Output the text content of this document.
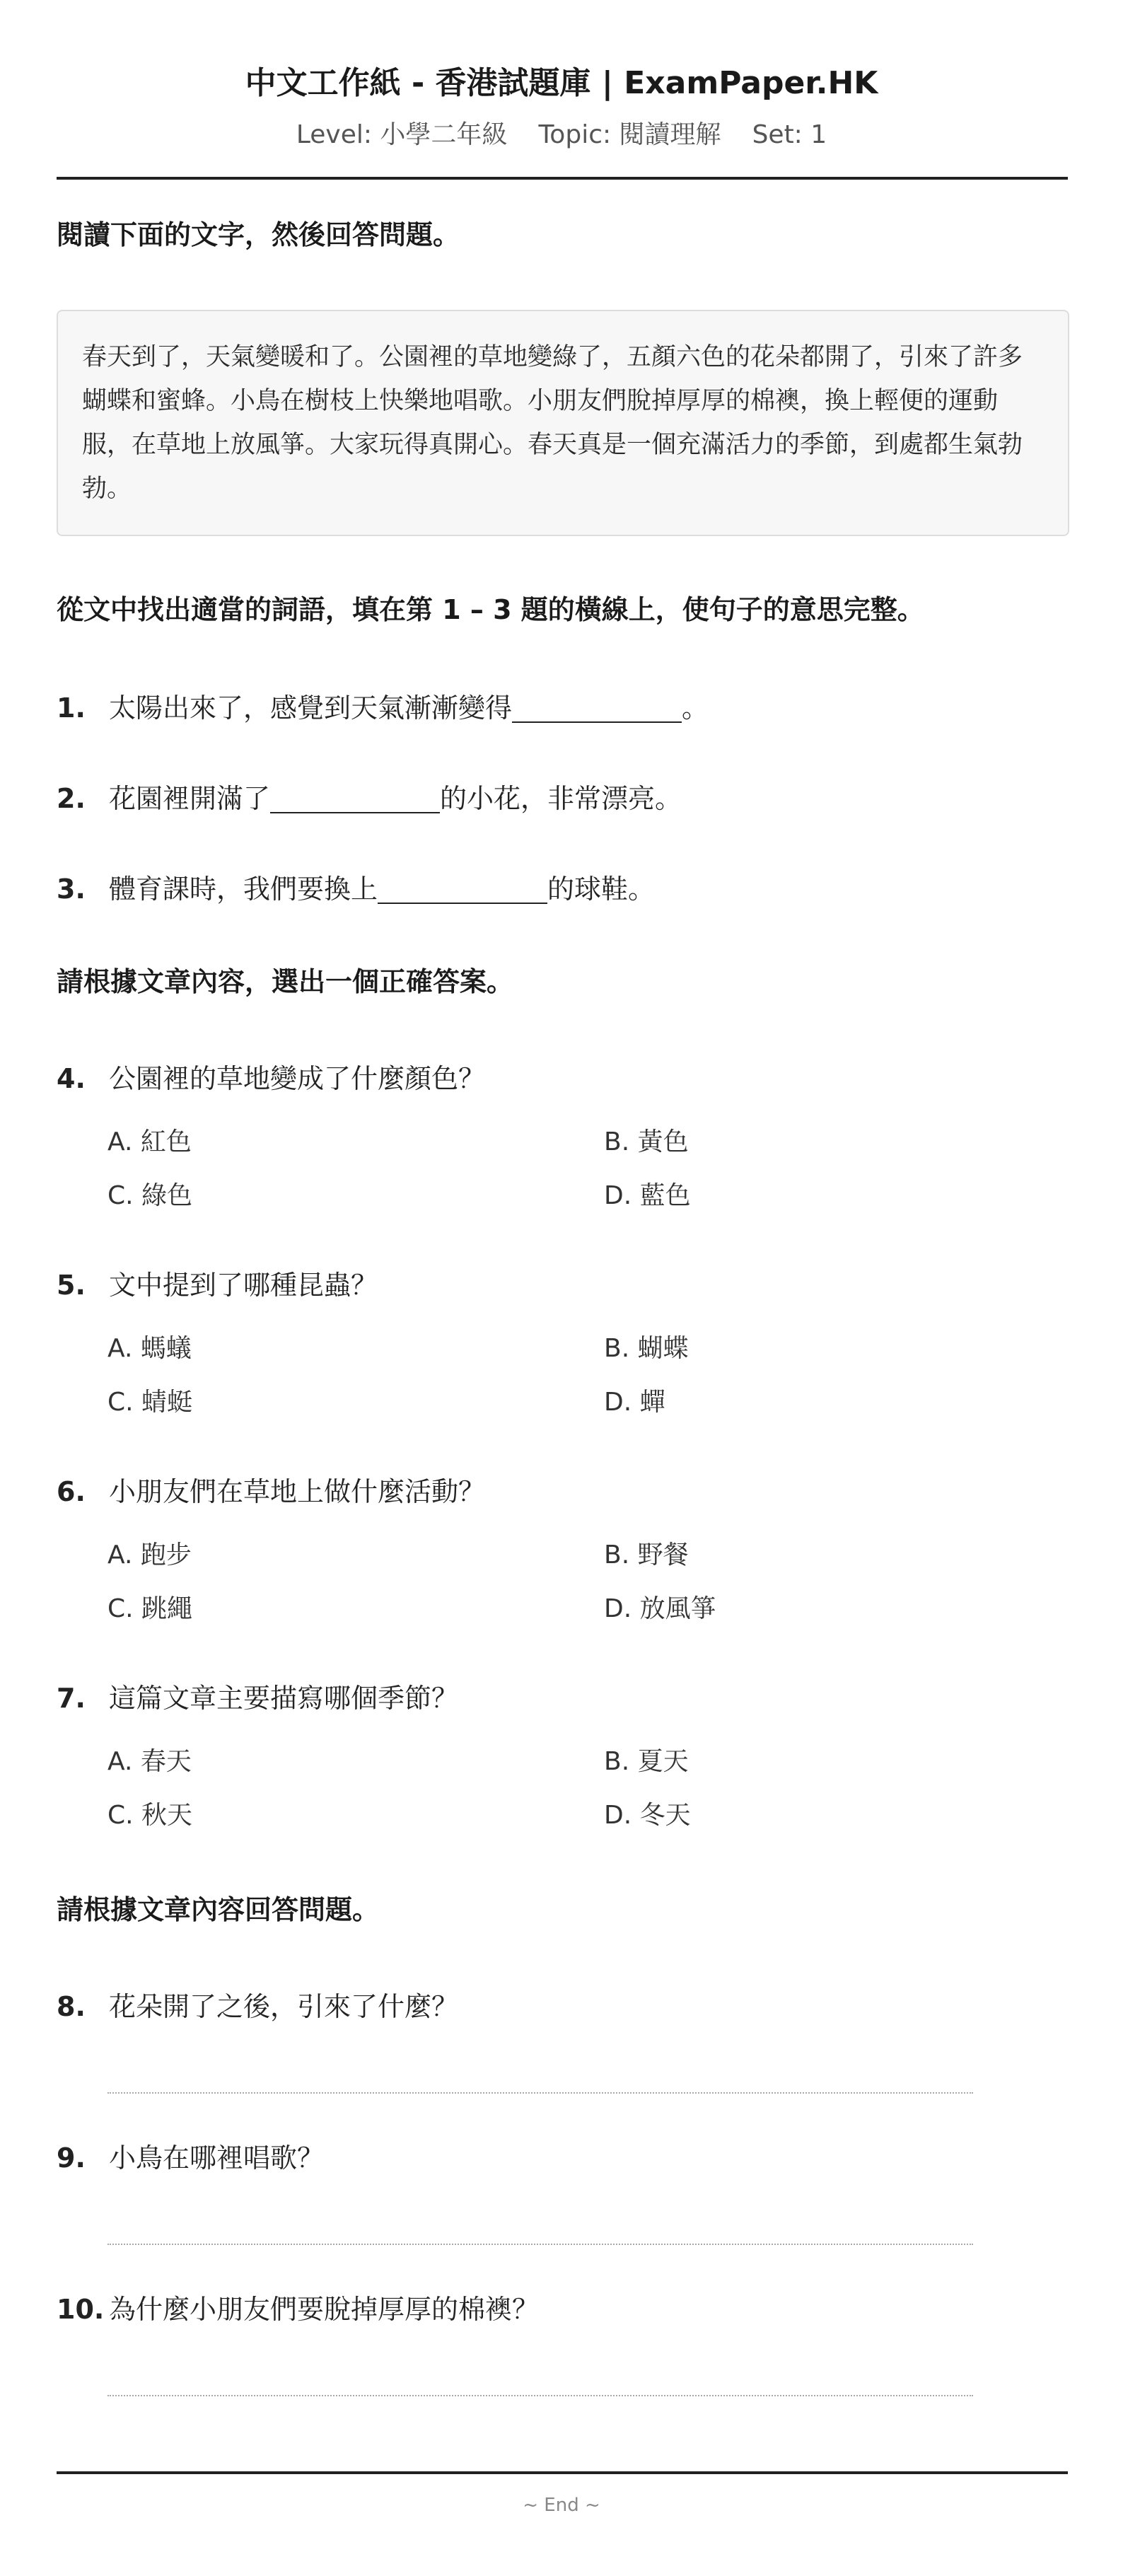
中文工作紙 - 香港試題庫 | ExamPaper.HK
Level: 小學二年級 Topic: 閱讀理解 Set: 1
閱讀下面的文字，然後回答問題。
春天到了，天氣變暖和了。公園裡的草地變綠了，五顏六色的花朵都開了，引來了許多蝴蝶和蜜蜂。小鳥在樹枝上快樂地唱歌。小朋友們脫掉厚厚的棉襖，換上輕便的運動服，在草地上放風箏。大家玩得真開心。春天真是一個充滿活力的季節，到處都生氣勃勃。
從文中找出適當的詞語，填在第 1 – 3 題的橫線上，使句子的意思完整。
1. 太陽出來了，感覺到天氣漸漸變得	。
2. 花園裡開滿了	的小花，非常漂亮。
3. 體育課時，我們要換上	的球鞋。
請根據文章內容，選出一個正確答案。
4. 公園裡的草地變成了什麼顏色？
A. 紅色	B. 黃色
C. 綠色	D. 藍色
5. 文中提到了哪種昆蟲？
A. 螞蟻	B. 蝴蝶
C. 蜻蜓	D. 蟬
6. 小朋友們在草地上做什麼活動？
A. 跑步	B. 野餐
C. 跳繩	D. 放風箏
7. 這篇文章主要描寫哪個季節？
A. 春天	B. 夏天
C. 秋天	D. 冬天
請根據文章內容回答問題。
8. 花朵開了之後，引來了什麼？
9. 小鳥在哪裡唱歌？
10. 為什麼小朋友們要脫掉厚厚的棉襖？
~ End ~
